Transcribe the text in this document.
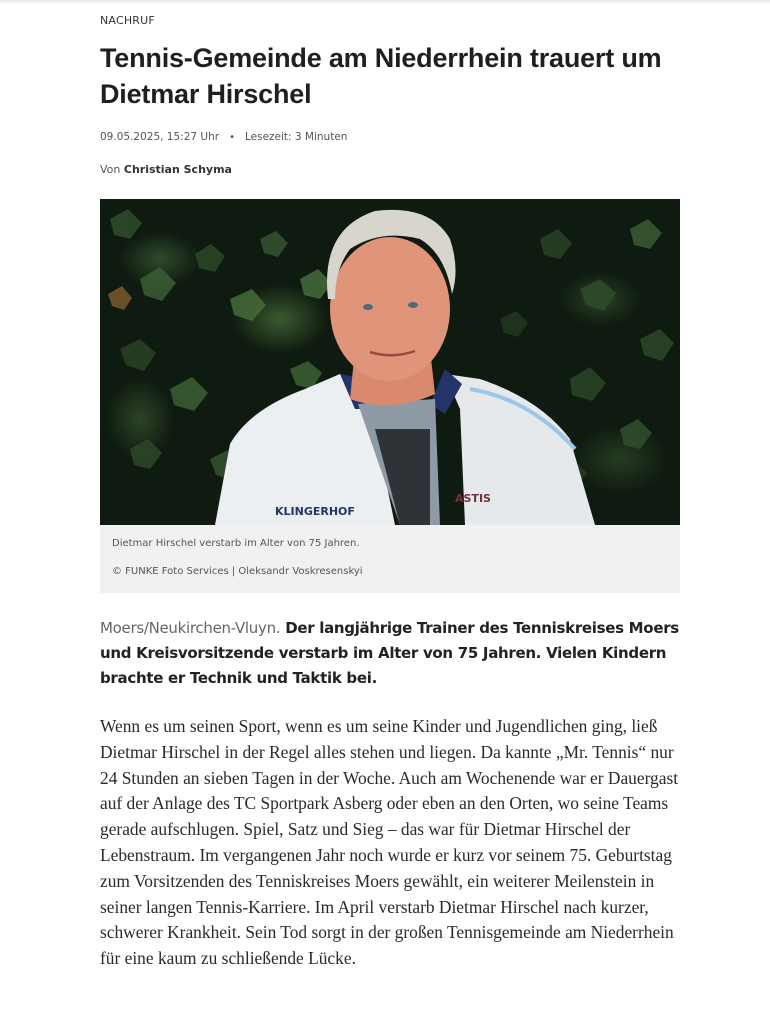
NACHRUF
Tennis-Gemeinde am Niederrhein trauert um Dietmar Hirschel
09.05.2025, 15:27 Uhr • Lesezeit: 3 Minuten
Von Christian Schyma
KLINGERHOF
ASTIS
Dietmar Hirschel verstarb im Alter von 75 Jahren.
© FUNKE Foto Services | Oleksandr Voskresenskyi

Moers/Neukirchen-Vluyn. Der langjährige Trainer des Tenniskreises Moers und Kreisvorsitzende verstarb im Alter von 75 Jahren. Vielen Kindern brachte er Technik und Taktik bei.

Wenn es um seinen Sport, wenn es um seine Kinder und Jugendlichen ging, ließ Dietmar Hirschel in der Regel alles stehen und liegen. Da kannte „Mr. Tennis“ nur 24 Stunden an sieben Tagen in der Woche. Auch am Wochenende war er Dauergast auf der Anlage des TC Sportpark Asberg oder eben an den Orten, wo seine Teams gerade aufschlugen. Spiel, Satz und Sieg – das war für Dietmar Hirschel der Lebenstraum. Im vergangenen Jahr noch wurde er kurz vor seinem 75. Geburtstag zum Vorsitzenden des Tenniskreises Moers gewählt, ein weiterer Meilenstein in seiner langen Tennis-Karriere. Im April verstarb Dietmar Hirschel nach kurzer, schwerer Krankheit. Sein Tod sorgt in der großen Tennisgemeinde am Niederrhein für eine kaum zu schließende Lücke.
